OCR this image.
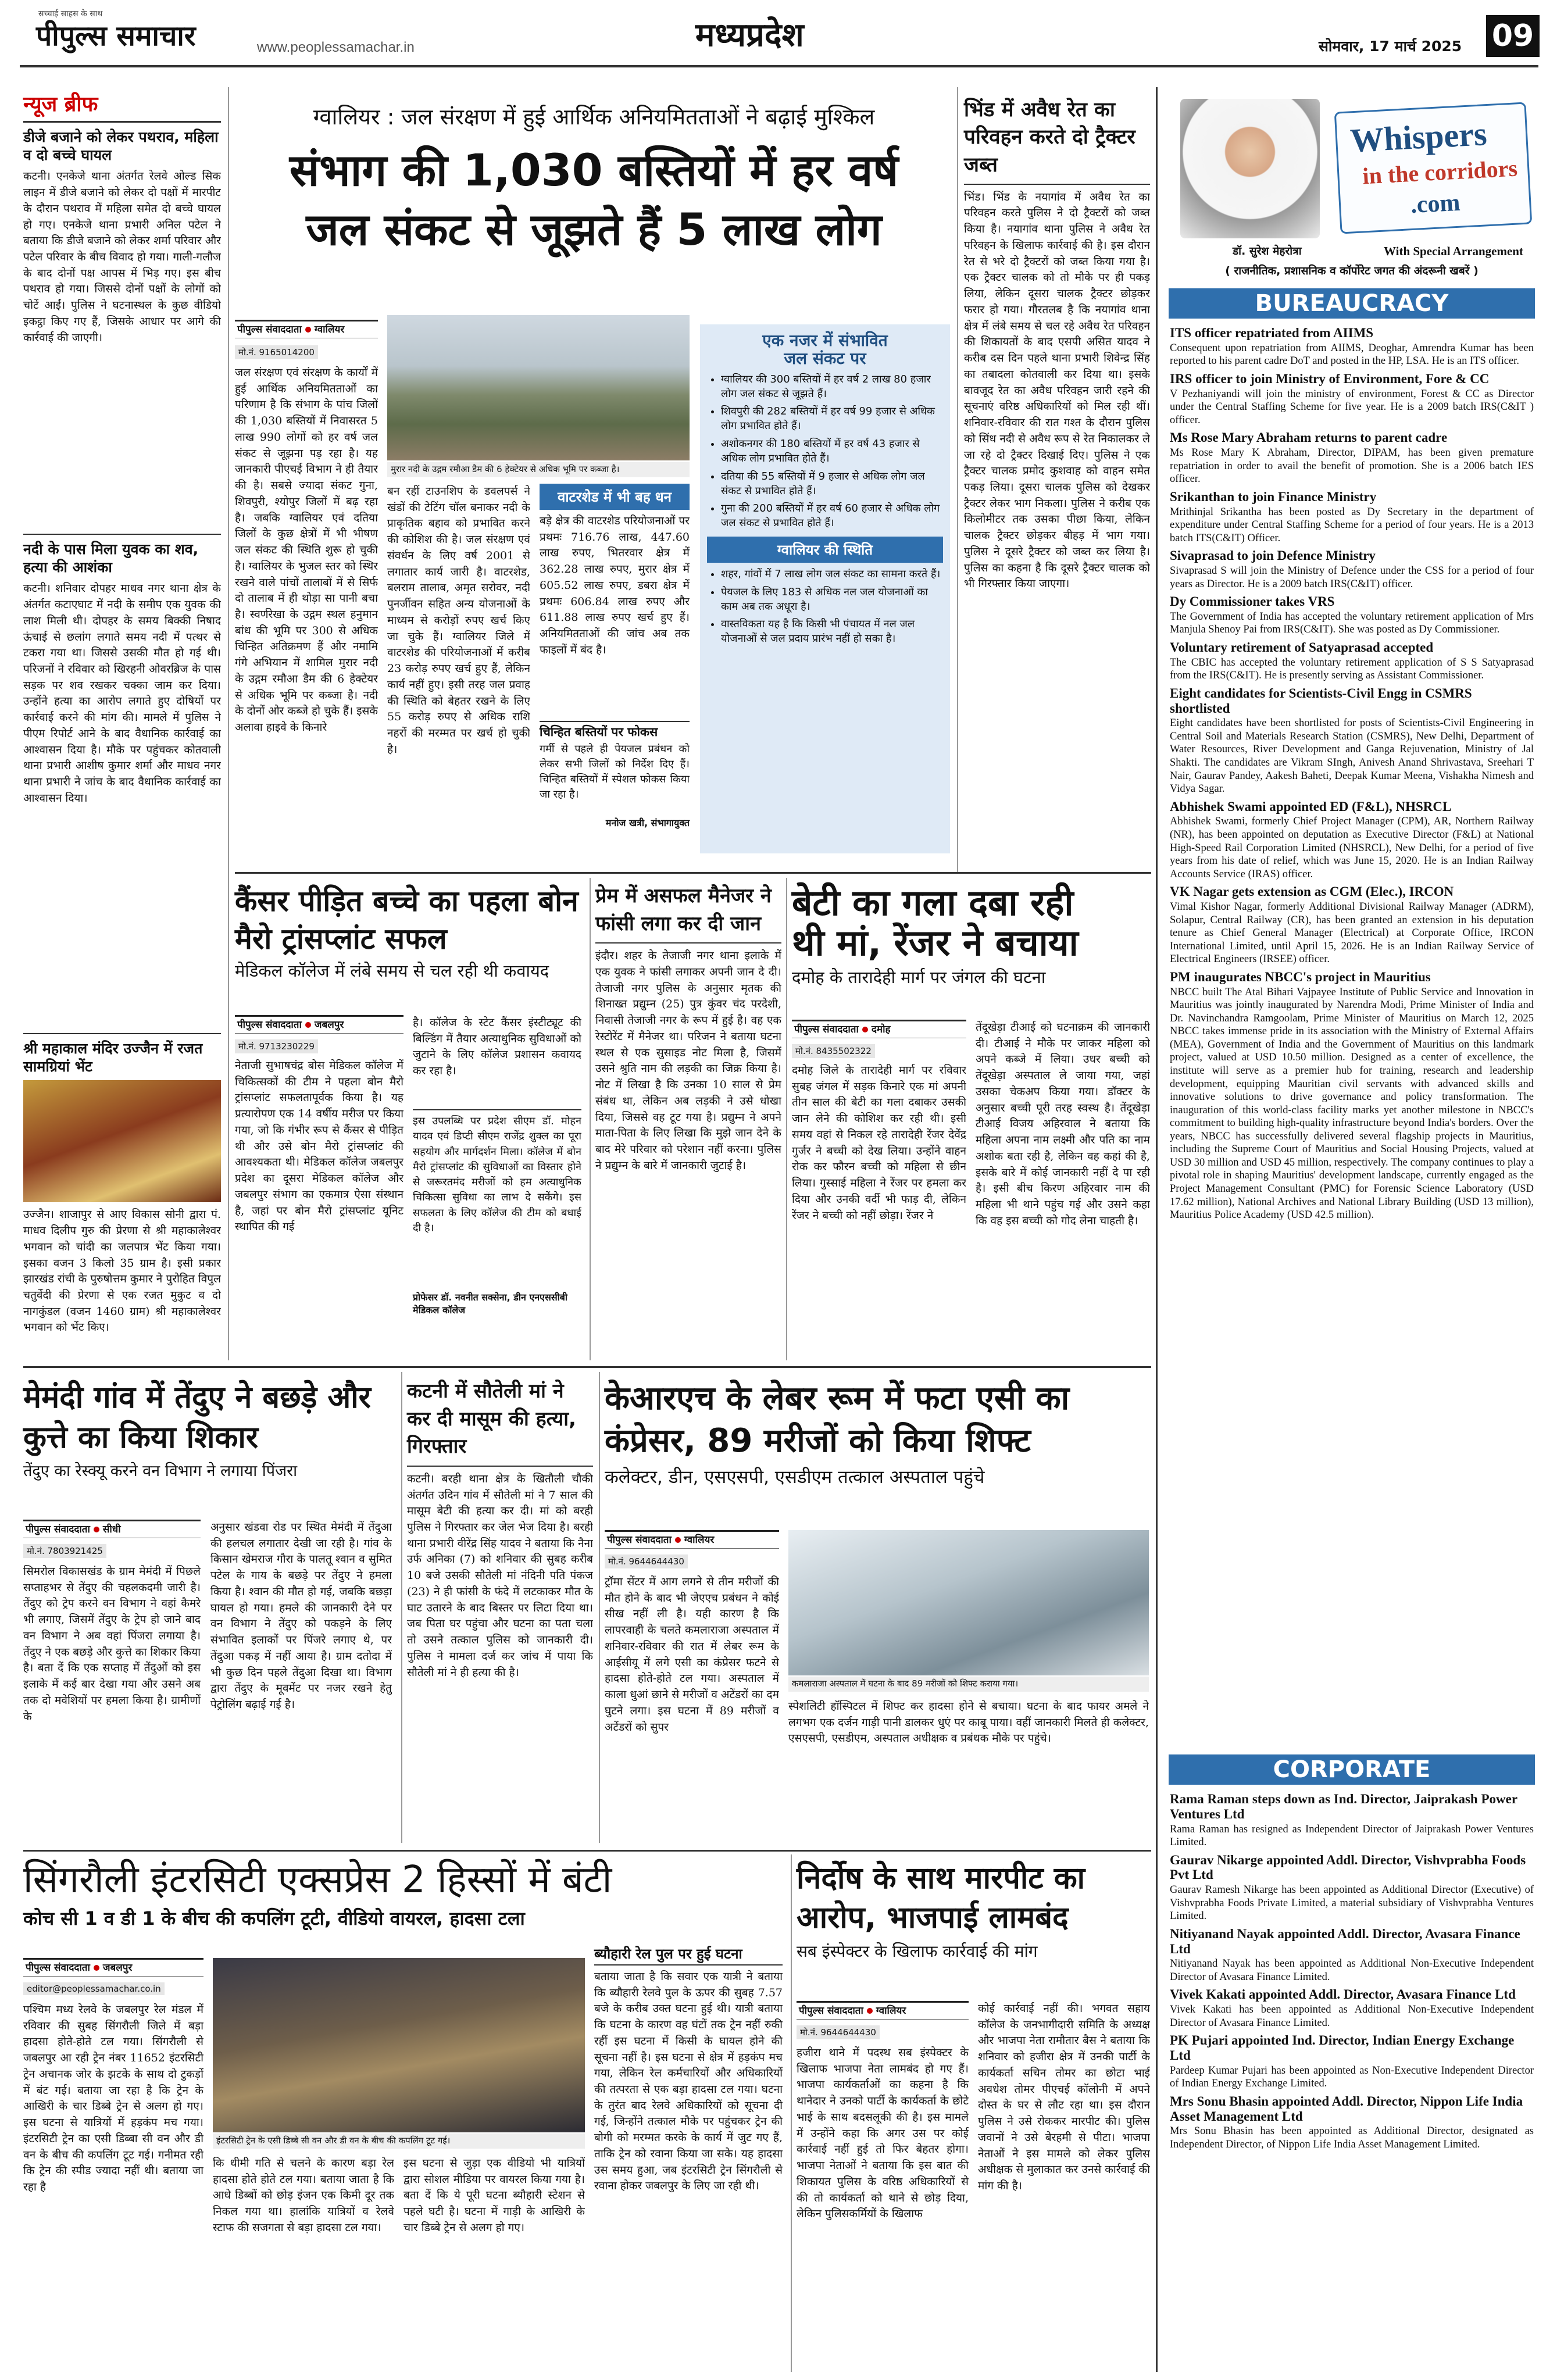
पीपुल्स समाचार
सच्चाई साहस के साथ
www.peoplessamachar.in	मध्यप्रदेश	सोमवार, 17 मार्च 2025 09
न्यूज ब्रीफ
डीजे बजाने को लेकर पथराव, महिला व दो बच्चे घायल
कटनी। एनकेजे थाना अंतर्गत रेलवे ओल्ड सिक लाइन में डीजे बजाने को लेकर दो पक्षों में मारपीट के दौरान पथराव में महिला समेत दो बच्चे घायल हो गए। एनकेजे थाना प्रभारी अनिल पटेल ने बताया कि डीजे बजाने को लेकर शर्मा परिवार और पटेल परिवार के बीच विवाद हो गया। गाली-गलौज के बाद दोनों पक्ष आपस में भिड़ गए। इस बीच पथराव हो गया। जिससे दोनों पक्षों के लोगों को चोटें आईं। पुलिस ने घटनास्थल के कुछ वीडियो इकट्ठा किए गए हैं, जिसके आधार पर आगे की कार्रवाई की जाएगी।
नदी के पास मिला युवक का शव, हत्या की आशंका
कटनी। शनिवार दोपहर माधव नगर थाना क्षेत्र के अंतर्गत कटाएघाट में नदी के समीप एक युवक की लाश मिली थी। दोपहर के समय बिक्की निषाद ऊंचाई से छलांग लगाते समय नदी में पत्थर से टकरा गया था। जिससे उसकी मौत हो गई थी। परिजनों ने रविवार को खिरहनी ओवरब्रिज के पास सड़क पर शव रखकर चक्का जाम कर दिया। उन्होंने हत्या का आरोप लगाते हुए दोषियों पर कार्रवाई करने की मांग की। मामले में पुलिस ने पीएम रिपोर्ट आने के बाद वैधानिक कार्रवाई का आश्वासन दिया है। मौके पर पहुंचकर कोतवाली थाना प्रभारी आशीष कुमार शर्मा और माधव नगर थाना प्रभारी ने जांच के बाद वैधानिक कार्रवाई का आश्वासन दिया।
श्री महाकाल मंदिर उज्जैन में रजत सामग्रियां भेंट
उज्जैन। शाजापुर से आए विकास सोनी द्वारा पं. माधव दिलीप गुरु की प्रेरणा से श्री महाकालेश्वर भगवान को चांदी का जलपात्र भेंट किया गया। इसका वजन 3 किलो 35 ग्राम है। इसी प्रकार झारखंड रांची के पुरुषोत्तम कुमार ने पुरोहित विपुल चतुर्वेदी की प्रेरणा से एक रजत मुकुट व दो नागकुंडल (वजन 1460 ग्राम) श्री महाकालेश्वर भगवान को भेंट किए।
ग्वालियर : जल संरक्षण में हुई आर्थिक अनियमितताओं ने बढ़ाई मुश्किल
संभाग की 1,030 बस्तियों में हर वर्ष
जल संकट से जूझते हैं 5 लाख लोग
पीपुल्स संवाददाता ग्वालियर
मो.नं. 9165014200
जल संरक्षण एवं संरक्षण के कार्यों में हुई आर्थिक अनियमितताओं का परिणाम है कि संभाग के पांच जिलों की 1,030 बस्तियों में निवासरत 5 लाख 990 लोगों को हर वर्ष जल संकट से जूझना पड़ रहा है। यह जानकारी पीएचई विभाग ने ही तैयार की है। सबसे ज्यादा संकट गुना, शिवपुरी, श्योपुर जिलों में बढ़ रहा है। जबकि ग्वालियर एवं दतिया जिलों के कुछ क्षेत्रों में भी भीषण जल संकट की स्थिति शुरू हो चुकी है। ग्वालियर के भुजल स्तर को स्थिर रखने वाले पांचों तालाबों में से सिर्फ दो तालाब में ही थोड़ा सा पानी बचा है। स्वर्णरेखा के उद्गम स्थल हनुमान बांध की भूमि पर 300 से अधिक चिन्हित अतिक्रमण हैं और नमामि गंगे अभियान में शामिल मुरार नदी के उद्गम रमौआ डैम की 6 हेक्टेयर से अधिक भूमि पर कब्जा है। नदी के दोनों ओर कब्जे हो चुके हैं। इसके अलावा हाइवे के किनारे
मुरार नदी के उद्गम रमौआ डैम की 6 हेक्टेयर से अधिक भूमि पर कब्जा है।
बन रहीं टाउनशिप के डवलपर्स ने खंडों की टेटिंग चॉल बनाकर नदी के प्राकृतिक बहाव को प्रभावित करने की कोशिश की है। जल संरक्षण एवं संवर्धन के लिए वर्ष 2001 से लगातार कार्य जारी है। वाटरशेड, बलराम तालाब, अमृत सरोवर, नदी पुनर्जीवन सहित अन्य योजनाओं के माध्यम से करोड़ों रुपए खर्च किए जा चुके हैं। ग्वालियर जिले में वाटरशेड की परियोजनाओं में करीब 23 करोड़ रुपए खर्च हुए हैं, लेकिन कार्य नहीं हुए। इसी तरह जल प्रवाह की स्थिति को बेहतर रखने के लिए 55 करोड़ रुपए से अधिक राशि नहरों की मरम्मत पर खर्च हो चुकी है।
वाटरशेड में भी बह धन
बड़े क्षेत्र की वाटरशेड परियोजनाओं पर प्रथमः 716.76 लाख, 447.60 लाख रुपए, भितरवार क्षेत्र में 362.28 लाख रुपए, मुरार क्षेत्र में 605.52 लाख रुपए, डबरा क्षेत्र में प्रथमः 606.84 लाख रुपए और 611.88 लाख रुपए खर्च हुए हैं। अनियमितताओं की जांच अब तक फाइलों में बंद है।
चिन्हित बस्तियों पर फोकस
गर्मी से पहले ही पेयजल प्रबंधन को लेकर सभी जिलों को निर्देश दिए हैं। चिन्हित बस्तियों में स्पेशल फोकस किया जा रहा है।
मनोज खत्री, संभागायुक्त
एक नजर में संभावित
जल संकट पर
• ग्वालियर की 300 बस्तियों में हर वर्ष 2 लाख 80 हजार लोग जल संकट से जूझते हैं।
• शिवपुरी की 282 बस्तियों में हर वर्ष 99 हजार से अधिक लोग प्रभावित होते हैं।
• अशोकनगर की 180 बस्तियों में हर वर्ष 43 हजार से अधिक लोग प्रभावित होते हैं।
• दतिया की 55 बस्तियों में 9 हजार से अधिक लोग जल संकट से प्रभावित होते हैं।
• गुना की 200 बस्तियों में हर वर्ष 60 हजार से अधिक लोग जल संकट से प्रभावित होते हैं।
ग्वालियर की स्थिति
• शहर, गांवों में 7 लाख लोग जल संकट का सामना करते हैं।
• पेयजल के लिए 183 से अधिक नल जल योजनाओं का काम अब तक अधूरा है।
• वास्तविकता यह है कि किसी भी पंचायत में नल जल योजनाओं से जल प्रदाय प्रारंभ नहीं हो सका है।
भिंड में अवैध रेत का परिवहन करते दो ट्रैक्टर जब्त
भिंड। भिंड के नयागांव में अवैध रेत का परिवहन करते पुलिस ने दो ट्रैक्टरों को जब्त किया है। नयागांव थाना पुलिस ने अवैध रेत परिवहन के खिलाफ कार्रवाई की है। इस दौरान रेत से भरे दो ट्रैक्टरों को जब्त किया गया है। एक ट्रैक्टर चालक को तो मौके पर ही पकड़ लिया, लेकिन दूसरा चालक ट्रैक्टर छोड़कर फरार हो गया। गौरतलब है कि नयागांव थाना क्षेत्र में लंबे समय से चल रहे अवैध रेत परिवहन की शिकायतों के बाद एसपी असित यादव ने करीब दस दिन पहले थाना प्रभारी शिवेन्द्र सिंह का तबादला कोतवाली कर दिया था। इसके बावजूद रेत का अवैध परिवहन जारी रहने की सूचनाएं वरिष्ठ अधिकारियों को मिल रही थीं। शनिवार-रविवार की रात गश्त के दौरान पुलिस को सिंध नदी से अवैध रूप से रेत निकालकर ले जा रहे दो ट्रैक्टर दिखाई दिए। पुलिस ने एक ट्रैक्टर चालक प्रमोद कुशवाह को वाहन समेत पकड़ लिया। दूसरा चालक पुलिस को देखकर ट्रैक्टर लेकर भाग निकला। पुलिस ने करीब एक किलोमीटर तक उसका पीछा किया, लेकिन चालक ट्रैक्टर छोड़कर बीहड़ में भाग गया। पुलिस ने दूसरे ट्रैक्टर को जब्त कर लिया है। पुलिस का कहना है कि दूसरे ट्रैक्टर चालक को भी गिरफ्तार किया जाएगा।
Whispers
in the corridors
.com
डॉ. सुरेश मेहरोत्रा	With Special Arrangement
( राजनीतिक, प्रशासनिक व कॉर्पोरेट जगत की अंदरूनी खबरें )
BUREAUCRACY
ITS officer repatriated from AIIMS

Consequent upon repatriation from AIIMS, Deoghar, Amrendra Kumar has been reported to his parent cadre DoT and posted in the HP, LSA. He is an ITS officer.

IRS officer to join Ministry of Environment, Fore & CC

V Pezhaniyandi will join the ministry of environment, Forest & CC as Director under the Central Staffing Scheme for five year. He is a 2009 batch IRS(C&IT ) officer.

Ms Rose Mary Abraham returns to parent cadre

Ms Rose Mary K Abraham, Director, DIPAM, has been given premature repatriation in order to avail the benefit of promotion. She is a 2006 batch IES officer.

Srikanthan to join Finance Ministry

Mrithinjal Srikantha has been posted as Dy Secretary in the department of expenditure under Central Staffing Scheme for a period of four years. He is a 2013 batch ITS(C&IT) Officer.

Sivaprasad to join Defence Ministry

Sivaprasad S will join the Ministry of Defence under the CSS for a period of four years as Director. He is a 2009 batch IRS(C&IT) officer.

Dy Commissioner takes VRS

The Government of India has accepted the voluntary retirement application of Mrs Manjula Shenoy Pai from IRS(C&IT). She was posted as Dy Commissioner.

Voluntary retirement of Satyaprasad accepted

The CBIC has accepted the voluntary retirement application of S S Satyaprasad from the IRS(C&IT). He is presently serving as Assistant Commissioner.

Eight candidates for Scientists-Civil Engg in CSMRS shortlisted

Eight candidates have been shortlisted for posts of Scientists-Civil Engineering in Central Soil and Materials Research Station (CSMRS), New Delhi, Department of Water Resources, River Development and Ganga Rejuvenation, Ministry of Jal Shakti. The candidates are Vikram SIngh, Anivesh Anand Shrivastava, Sreehari T Nair, Gaurav Pandey, Aakesh Baheti, Deepak Kumar Meena, Vishakha Nimesh and Vidya Sagar.

Abhishek Swami appointed ED (F&L), NHSRCL

Abhishek Swami, formerly Chief Project Manager (CPM), AR, Northern Railway (NR), has been appointed on deputation as Executive Director (F&L) at National High-Speed Rail Corporation Limited (NHSRCL), New Delhi, for a period of five years from his date of relief, which was June 15, 2020. He is an Indian Railway Accounts Service (IRAS) officer.

VK Nagar gets extension as CGM (Elec.), IRCON

Vimal Kishor Nagar, formerly Additional Divisional Railway Manager (ADRM), Solapur, Central Railway (CR), has been granted an extension in his deputation tenure as Chief General Manager (Electrical) at Corporate Office, IRCON International Limited, until April 15, 2026. He is an Indian Railway Service of Electrical Engineers (IRSEE) officer.

PM inaugurates NBCC's project in Mauritius

NBCC built The Atal Bihari Vajpayee Institute of Public Service and Innovation in Mauritius was jointly inaugurated by Narendra Modi, Prime Minister of India and Dr. Navinchandra Ramgoolam, Prime Minister of Mauritius on March 12, 2025 NBCC takes immense pride in its association with the Ministry of External Affairs (MEA), Government of India and the Government of Mauritius on this landmark project, valued at USD 10.50 million. Designed as a center of excellence, the institute will serve as a premier hub for training, research and leadership development, equipping Mauritian civil servants with advanced skills and innovative solutions to drive governance and policy transformation. The inauguration of this world-class facility marks yet another milestone in NBCC's commitment to building high-quality infrastructure beyond India's borders. Over the years, NBCC has successfully delivered several flagship projects in Mauritius, including the Supreme Court of Mauritius and Social Housing Projects, valued at USD 30 million and USD 45 million, respectively. The company continues to play a pivotal role in shaping Mauritius' development landscape, currently engaged as the Project Management Consultant (PMC) for Forensic Science Laboratory (USD 17.62 million), National Archives and National Library Building (USD 13 million), Mauritius Police Academy (USD 42.5 million).

CORPORATE
Rama Raman steps down as Ind. Director, Jaiprakash Power Ventures Ltd

Rama Raman has resigned as Independent Director of Jaiprakash Power Ventures Limited.

Gaurav Nikarge appointed Addl. Director, Vishvprabha Foods Pvt Ltd

Gaurav Ramesh Nikarge has been appointed as Additional Director (Executive) of Vishvprabha Foods Private Limited, a material subsidiary of Vishvprabha Ventures Limited.

Nitiyanand Nayak appointed Addl. Director, Avasara Finance Ltd

Nitiyanand Nayak has been appointed as Additional Non-Executive Independent Director of Avasara Finance Limited.

Vivek Kakati appointed Addl. Director, Avasara Finance Ltd

Vivek Kakati has been appointed as Additional Non-Executive Independent Director of Avasara Finance Limited.

PK Pujari appointed Ind. Director, Indian Energy Exchange Ltd

Pardeep Kumar Pujari has been appointed as Non-Executive Independent Director of Indian Energy Exchange Limited.

Mrs Sonu Bhasin appointed Addl. Director, Nippon Life India Asset Management Ltd

Mrs Sonu Bhasin has been appointed as Additional Director, designated as Independent Director, of Nippon Life India Asset Management Limited.

कैंसर पीड़ित बच्चे का पहला बोन मैरो ट्रांसप्लांट सफल
मेडिकल कॉलेज में लंबे समय से चल रही थी कवायद
पीपुल्स संवाददाता जबलपुर
मो.नं. 9713230229
नेताजी सुभाषचंद्र बोस मेडिकल कॉलेज में चिकित्सकों की टीम ने पहला बोन मैरो ट्रांसप्लांट सफलतापूर्वक किया है। यह प्रत्यारोपण एक 14 वर्षीय मरीज पर किया गया, जो कि गंभीर रूप से कैंसर से पीड़ित थी और उसे बोन मैरो ट्रांसप्लांट की आवश्यकता थी। मेडिकल कॉलेज जबलपुर प्रदेश का दूसरा मेडिकल कॉलेज और जबलपुर संभाग का एकमात्र ऐसा संस्थान है, जहां पर बोन मैरो ट्रांसप्लांट यूनिट स्थापित की गई
है। कॉलेज के स्टेट कैंसर इंस्टीट्यूट की बिल्डिंग में तैयार अत्याधुनिक सुविधाओं को जुटाने के लिए कॉलेज प्रशासन कवायद कर रहा है।
इस उपलब्धि पर प्रदेश सीएम डॉ. मोहन यादव एवं डिप्टी सीएम राजेंद्र शुक्ल का पूरा सहयोग और मार्गदर्शन मिला। कॉलेज में बोन मैरो ट्रांसप्लांट की सुविधाओं का विस्तार होने से जरूरतमंद मरीजों को हम अत्याधुनिक चिकित्सा सुविधा का लाभ दे सकेंगे। इस सफलता के लिए कॉलेज की टीम को बधाई दी है।
प्रोफेसर डॉ. नवनीत सक्सेना, डीन एनएससीबी मेडिकल कॉलेज
प्रेम में असफल मैनेजर ने फांसी लगा कर दी जान
इंदौर। शहर के तेजाजी नगर थाना इलाके में एक युवक ने फांसी लगाकर अपनी जान दे दी। तेजाजी नगर पुलिस के अनुसार मृतक की शिनाख्त प्रद्युम्न (25) पुत्र कुंवर चंद परदेशी, निवासी तेजाजी नगर के रूप में हुई है। वह एक रेस्टोरेंट में मैनेजर था। परिजन ने बताया घटना स्थल से एक सुसाइड नोट मिला है, जिसमें उसने श्रुति नाम की लड़की का जिक्र किया है। नोट में लिखा है कि उनका 10 साल से प्रेम संबंध था, लेकिन अब लड़की ने उसे धोखा दिया, जिससे वह टूट गया है। प्रद्युम्न ने अपने माता-पिता के लिए लिखा कि मुझे जान देने के बाद मेरे परिवार को परेशान नहीं करना। पुलिस ने प्रद्युम्न के बारे में जानकारी जुटाई है।
बेटी का गला दबा रही
थी मां, रेंजर ने बचाया
दमोह के तारादेही मार्ग पर जंगल की घटना
पीपुल्स संवाददाता दमोह
मो.नं. 8435502322
दमोह जिले के तारादेही मार्ग पर रविवार सुबह जंगल में सड़क किनारे एक मां अपनी तीन साल की बेटी का गला दबाकर उसकी जान लेने की कोशिश कर रही थी। इसी समय वहां से निकल रहे तारादेही रेंजर देवेंद्र गुर्जर ने बच्ची को देख लिया। उन्होंने वाहन रोक कर फौरन बच्ची को महिला से छीन लिया। गुस्साई महिला ने रेंजर पर हमला कर दिया और उनकी वर्दी भी फाड़ दी, लेकिन रेंजर ने बच्ची को नहीं छोड़ा। रेंजर ने
तेंदूखेड़ा टीआई को घटनाक्रम की जानकारी दी। टीआई ने मौके पर जाकर महिला को अपने कब्जे में लिया। उधर बच्ची को तेंदूखेड़ा अस्पताल ले जाया गया, जहां उसका चेकअप किया गया। डॉक्टर के अनुसार बच्ची पूरी तरह स्वस्थ है। तेंदूखेड़ा टीआई विजय अहिरवाल ने बताया कि महिला अपना नाम लक्ष्मी और पति का नाम अशोक बता रही है, लेकिन वह कहां की है, इसके बारे में कोई जानकारी नहीं दे पा रही है। इसी बीच किरण अहिरवार नाम की महिला भी थाने पहुंच गई और उसने कहा कि वह इस बच्ची को गोद लेना चाहती है।
मेमंदी गांव में तेंदुए ने बछड़े और कुत्ते का किया शिकार
तेंदुए का रेस्क्यू करने वन विभाग ने लगाया पिंजरा
पीपुल्स संवाददाता सीधी
मो.नं. 7803921425
सिमरोल विकासखंड के ग्राम मेमंदी में पिछले सप्ताहभर से तेंदुए की चहलकदमी जारी है। तेंदुए को ट्रेप करने वन विभाग ने वहां कैमरे भी लगाए, जिसमें तेंदुए के ट्रेप हो जाने बाद वन विभाग ने अब वहां पिंजरा लगाया है। तेंदुए ने एक बछड़े और कुत्ते का शिकार किया है। बता दें कि एक सप्ताह में तेंदुओं को इस इलाके में कई बार देखा गया और उसने अब तक दो मवेशियों पर हमला किया है। ग्रामीणों के
अनुसार खंडवा रोड पर स्थित मेमंदी में तेंदुआ की हलचल लगातार देखी जा रही है। गांव के किसान खेमराज गौरा के पालतू श्वान व सुमित पटेल के गाय के बछड़े पर तेंदुए ने हमला किया है। श्वान की मौत हो गई, जबकि बछड़ा घायल हो गया। हमले की जानकारी देने पर वन विभाग ने तेंदुए को पकड़ने के लिए संभावित इलाकों पर पिंजरे लगाए थे, पर तेंदुआ पकड़ में नहीं आया है। ग्राम दतोदा में भी कुछ दिन पहले तेंदुआ दिखा था। विभाग द्वारा तेंदुए के मूवमेंट पर नजर रखने हेतु पेट्रोलिंग बढ़ाई गई है।
कटनी में सौतेली मां ने कर दी मासूम की हत्या, गिरफ्तार
कटनी। बरही थाना क्षेत्र के खितौली चौकी अंतर्गत उदिन गांव में सौतेली मां ने 7 साल की मासूम बेटी की हत्या कर दी। मां को बरही पुलिस ने गिरफ्तार कर जेल भेज दिया है। बरही थाना प्रभारी वीरेंद्र सिंह यादव ने बताया कि नैना उर्फ अनिका (7) को शनिवार की सुबह करीब 10 बजे उसकी सौतेली मां नंदिनी पति पंकज (23) ने ही फांसी के फंदे में लटकाकर मौत के घाट उतारने के बाद बिस्तर पर लिटा दिया था। जब पिता घर पहुंचा और घटना का पता चला तो उसने तत्काल पुलिस को जानकारी दी। पुलिस ने मामला दर्ज कर जांच में पाया कि सौतेली मां ने ही हत्या की है।
केआरएच के लेबर रूम में फटा एसी का कंप्रेसर, 89 मरीजों को किया शिफ्ट
कलेक्टर, डीन, एसएसपी, एसडीएम तत्काल अस्पताल पहुंचे
पीपुल्स संवाददाता ग्वालियर
मो.नं. 9644644430
ट्रॉमा सेंटर में आग लगने से तीन मरीजों की मौत होने के बाद भी जेएएच प्रबंधन ने कोई सीख नहीं ली है। यही कारण है कि लापरवाही के चलते कमलाराजा अस्पताल में शनिवार-रविवार की रात में लेबर रूम के आईसीयू में लगे एसी का कंप्रेसर फटने से हादसा होते-होते टल गया। अस्पताल में काला धुआं छाने से मरीजों व अटेंडरों का दम घुटने लगा। इस घटना में 89 मरीजों व अटेंडरों को सुपर
कमलाराजा अस्पताल में घटना के बाद 89 मरीजों को शिफ्ट कराया गया।
स्पेशलिटी हॉस्पिटल में शिफ्ट कर हादसा होने से बचाया। घटना के बाद फायर अमले ने लगभग एक दर्जन गाड़ी पानी डालकर धुएं पर काबू पाया। वहीं जानकारी मिलते ही कलेक्टर, एसएसपी, एसडीएम, अस्पताल अधीक्षक व प्रबंधक मौके पर पहुंचे।
सिंगरौली इंटरसिटी एक्सप्रेस 2 हिस्सों में बंटी
कोच सी 1 व डी 1 के बीच की कपलिंग टूटी, वीडियो वायरल, हादसा टला
पीपुल्स संवाददाता जबलपुर
editor@peoplessamachar.co.in
पश्चिम मध्य रेलवे के जबलपुर रेल मंडल में रविवार की सुबह सिंगरौली जिले में बड़ा हादसा होते-होते टल गया। सिंगरौली से जबलपुर आ रही ट्रेन नंबर 11652 इंटरसिटी ट्रेन अचानक जोर के झटके के साथ दो टुकड़ों में बंट गई। बताया जा रहा है कि ट्रेन के आखिरी के चार डिब्बे ट्रेन से अलग हो गए। इस घटना से यात्रियों में हड़कंप मच गया। इंटरसिटी ट्रेन का एसी डिब्बा सी वन और डी वन के बीच की कपलिंग टूट गई। गनीमत रही कि ट्रेन की स्पीड ज्यादा नहीं थी। बताया जा रहा है
इंटरसिटी ट्रेन के एसी डिब्बे सी वन और डी वन के बीच की कपलिंग टूट गई।
कि धीमी गति से चलने के कारण बड़ा रेल हादसा होते होते टल गया। बताया जाता है कि आधे डिब्बों को छोड़ इंजन एक किमी दूर तक निकल गया था। हालांकि यात्रियों व रेलवे स्टाफ की सजगता से बड़ा हादसा टल गया।
इस घटना से जुड़ा एक वीडियो भी यात्रियों द्वारा सोशल मीडिया पर वायरल किया गया है। बता दें कि ये पूरी घटना ब्यौहारी स्टेशन से पहले घटी है। घटना में गाड़ी के आखिरी के चार डिब्बे ट्रेन से अलग हो गए।
ब्यौहारी रेल पुल पर हुई घटना
बताया जाता है कि सवार एक यात्री ने बताया कि ब्यौहारी रेलवे पुल के ऊपर की सुबह 7.57 बजे के करीब उक्त घटना हुई थी। यात्री बताया कि घटना के कारण वह घंटों तक ट्रेन नहीं रुकी रहीं इस घटना में किसी के घायल होने की सूचना नहीं है। इस घटना से क्षेत्र में हड़कंप मच गया, लेकिन रेल कर्मचारियों और अधिकारियों की तत्परता से एक बड़ा हादसा टल गया। घटना के तुरंत बाद रेलवे अधिकारियों को सूचना दी गई, जिन्होंने तत्काल मौके पर पहुंचकर ट्रेन की बोगी को मरम्मत करके के कार्य में जुट गए हैं, ताकि ट्रेन को रवाना किया जा सके। यह हादसा उस समय हुआ, जब इंटरसिटी ट्रेन सिंगरौली से रवाना होकर जबलपुर के लिए जा रही थी।
निर्दोष के साथ मारपीट का आरोप, भाजपाई लामबंद
सब इंस्पेक्टर के खिलाफ कार्रवाई की मांग
पीपुल्स संवाददाता ग्वालियर
मो.नं. 9644644430
हजीरा थाने में पदस्थ सब इंस्पेक्टर के खिलाफ भाजपा नेता लामबंद हो गए हैं। भाजपा कार्यकर्ताओं का कहना है कि थानेदार ने उनको पार्टी के कार्यकर्ता के छोटे भाई के साथ बदसलूकी की है। इस मामले में उन्होंने कहा कि अगर उस पर कोई कार्रवाई नहीं हुई तो फिर बेहतर होगा। भाजपा नेताओं ने बताया कि इस बात की शिकायत पुलिस के वरिष्ठ अधिकारियों से की तो कार्यकर्ता को थाने से छोड़ दिया, लेकिन पुलिसकर्मियों के खिलाफ
कोई कार्रवाई नहीं की। भगवत सहाय कॉलेज के जनभागीदारी समिति के अध्यक्ष और भाजपा नेता रामौतार बैस ने बताया कि शनिवार को हजीरा क्षेत्र में उनकी पार्टी के कार्यकर्ता सचिन तोमर का छोटा भाई अवधेश तोमर पीएचई कॉलोनी में अपने दोस्त के घर से लौट रहा था। इस दौरान पुलिस ने उसे रोककर मारपीट की। पुलिस जवानों ने उसे बेरहमी से पीटा। भाजपा नेताओं ने इस मामले को लेकर पुलिस अधीक्षक से मुलाकात कर उनसे कार्रवाई की मांग की है।
